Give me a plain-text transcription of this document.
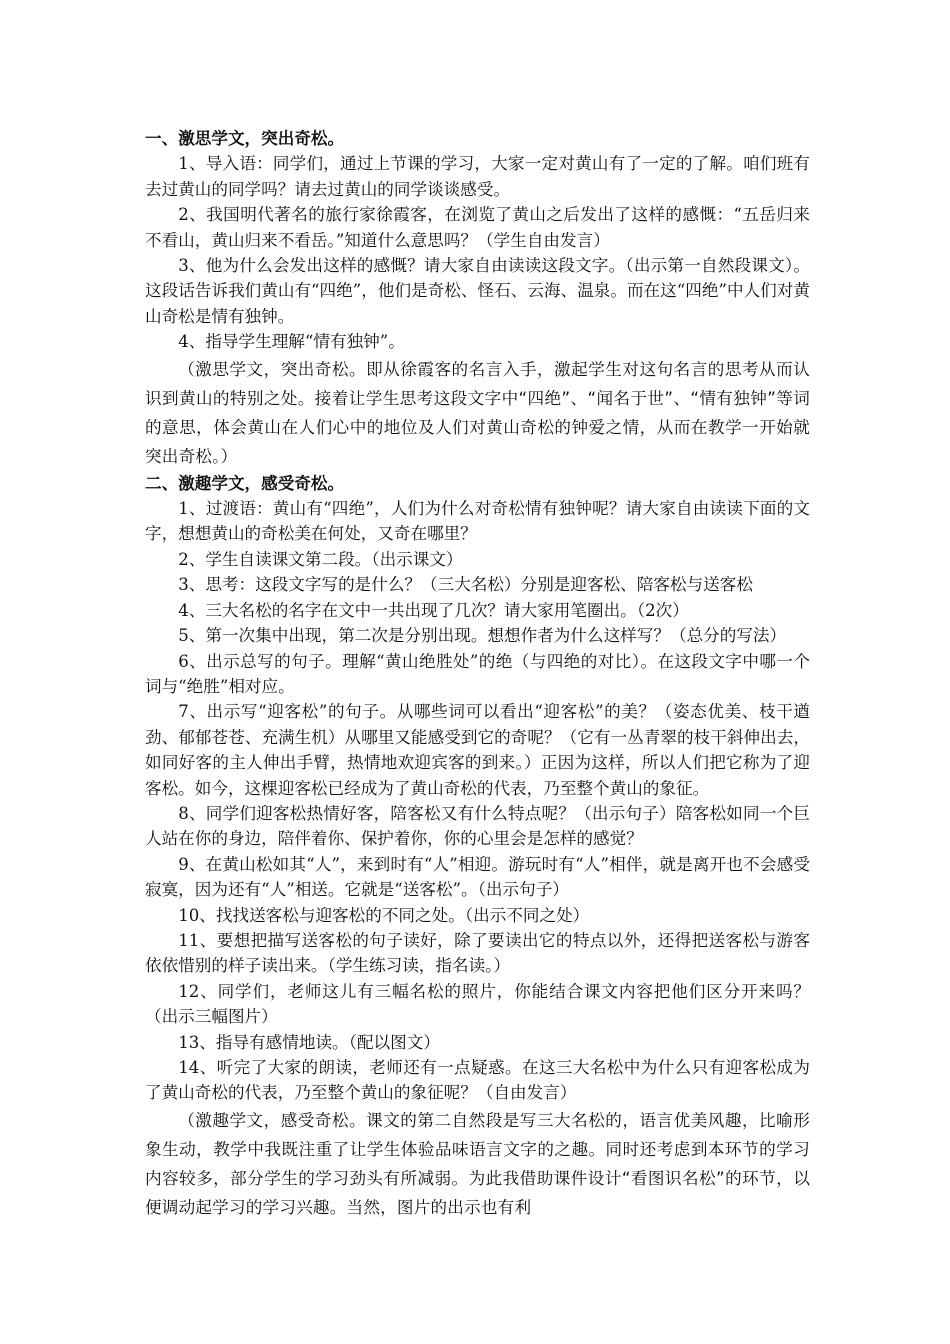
一、激思学文，突出奇松。

1、导入语：同学们，通过上节课的学习，大家一定对黄山有了一定的了解。咱们班有去过黄山的同学吗？请去过黄山的同学谈谈感受。

2、我国明代著名的旅行家徐霞客，在浏览了黄山之后发出了这样的感慨：“五岳归来不看山，黄山归来不看岳。”知道什么意思吗？（学生自由发言）

3、他为什么会发出这样的感慨？请大家自由读读这段文字。（出示第一自然段课文）。这段话告诉我们黄山有“四绝”，他们是奇松、怪石、云海、温泉。而在这“四绝”中人们对黄山奇松是情有独钟。

4、指导学生理解“情有独钟”。

（激思学文，突出奇松。即从徐霞客的名言入手，激起学生对这句名言的思考从而认识到黄山的特别之处。接着让学生思考这段文字中“四绝”、“闻名于世”、“情有独钟”等词的意思，体会黄山在人们心中的地位及人们对黄山奇松的钟爱之情，从而在教学一开始就突出奇松。）

二、激趣学文，感受奇松。

1、过渡语：黄山有“四绝”，人们为什么对奇松情有独钟呢？请大家自由读读下面的文字，想想黄山的奇松美在何处，又奇在哪里？

2、学生自读课文第二段。（出示课文）

3、思考：这段文字写的是什么？（三大名松）分别是迎客松、陪客松与送客松

4、三大名松的名字在文中一共出现了几次？请大家用笔圈出。（2次）

5、第一次集中出现，第二次是分别出现。想想作者为什么这样写？（总分的写法）

6、出示总写的句子。理解“黄山绝胜处”的绝（与四绝的对比）。在这段文字中哪一个词与“绝胜”相对应。

7、出示写“迎客松”的句子。从哪些词可以看出“迎客松”的美？（姿态优美、枝干遒劲、郁郁苍苍、充满生机）从哪里又能感受到它的奇呢？（它有一丛青翠的枝干斜伸出去，如同好客的主人伸出手臂，热情地欢迎宾客的到来。）正因为这样，所以人们把它称为了迎客松。如今，这棵迎客松已经成为了黄山奇松的代表，乃至整个黄山的象征。

8、同学们迎客松热情好客，陪客松又有什么特点呢？（出示句子）陪客松如同一个巨人站在你的身边，陪伴着你、保护着你，你的心里会是怎样的感觉？

9、在黄山松如其“人”，来到时有“人”相迎。游玩时有“人”相伴，就是离开也不会感受寂寞，因为还有“人”相送。它就是“送客松”。（出示句子）

10、找找送客松与迎客松的不同之处。（出示不同之处）

11、要想把描写送客松的句子读好，除了要读出它的特点以外，还得把送客松与游客依依惜别的样子读出来。（学生练习读，指名读。）

12、同学们，老师这儿有三幅名松的照片，你能结合课文内容把他们区分开来吗？（出示三幅图片）

13、指导有感情地读。（配以图文）

14、听完了大家的朗读，老师还有一点疑惑。在这三大名松中为什么只有迎客松成为了黄山奇松的代表，乃至整个黄山的象征呢？（自由发言）

（激趣学文，感受奇松。课文的第二自然段是写三大名松的，语言优美风趣，比喻形象生动，教学中我既注重了让学生体验品味语言文字的之趣。同时还考虑到本环节的学习内容较多，部分学生的学习劲头有所减弱。为此我借助课件设计“看图识名松”的环节，以便调动起学习的学习兴趣。当然，图片的出示也有利
